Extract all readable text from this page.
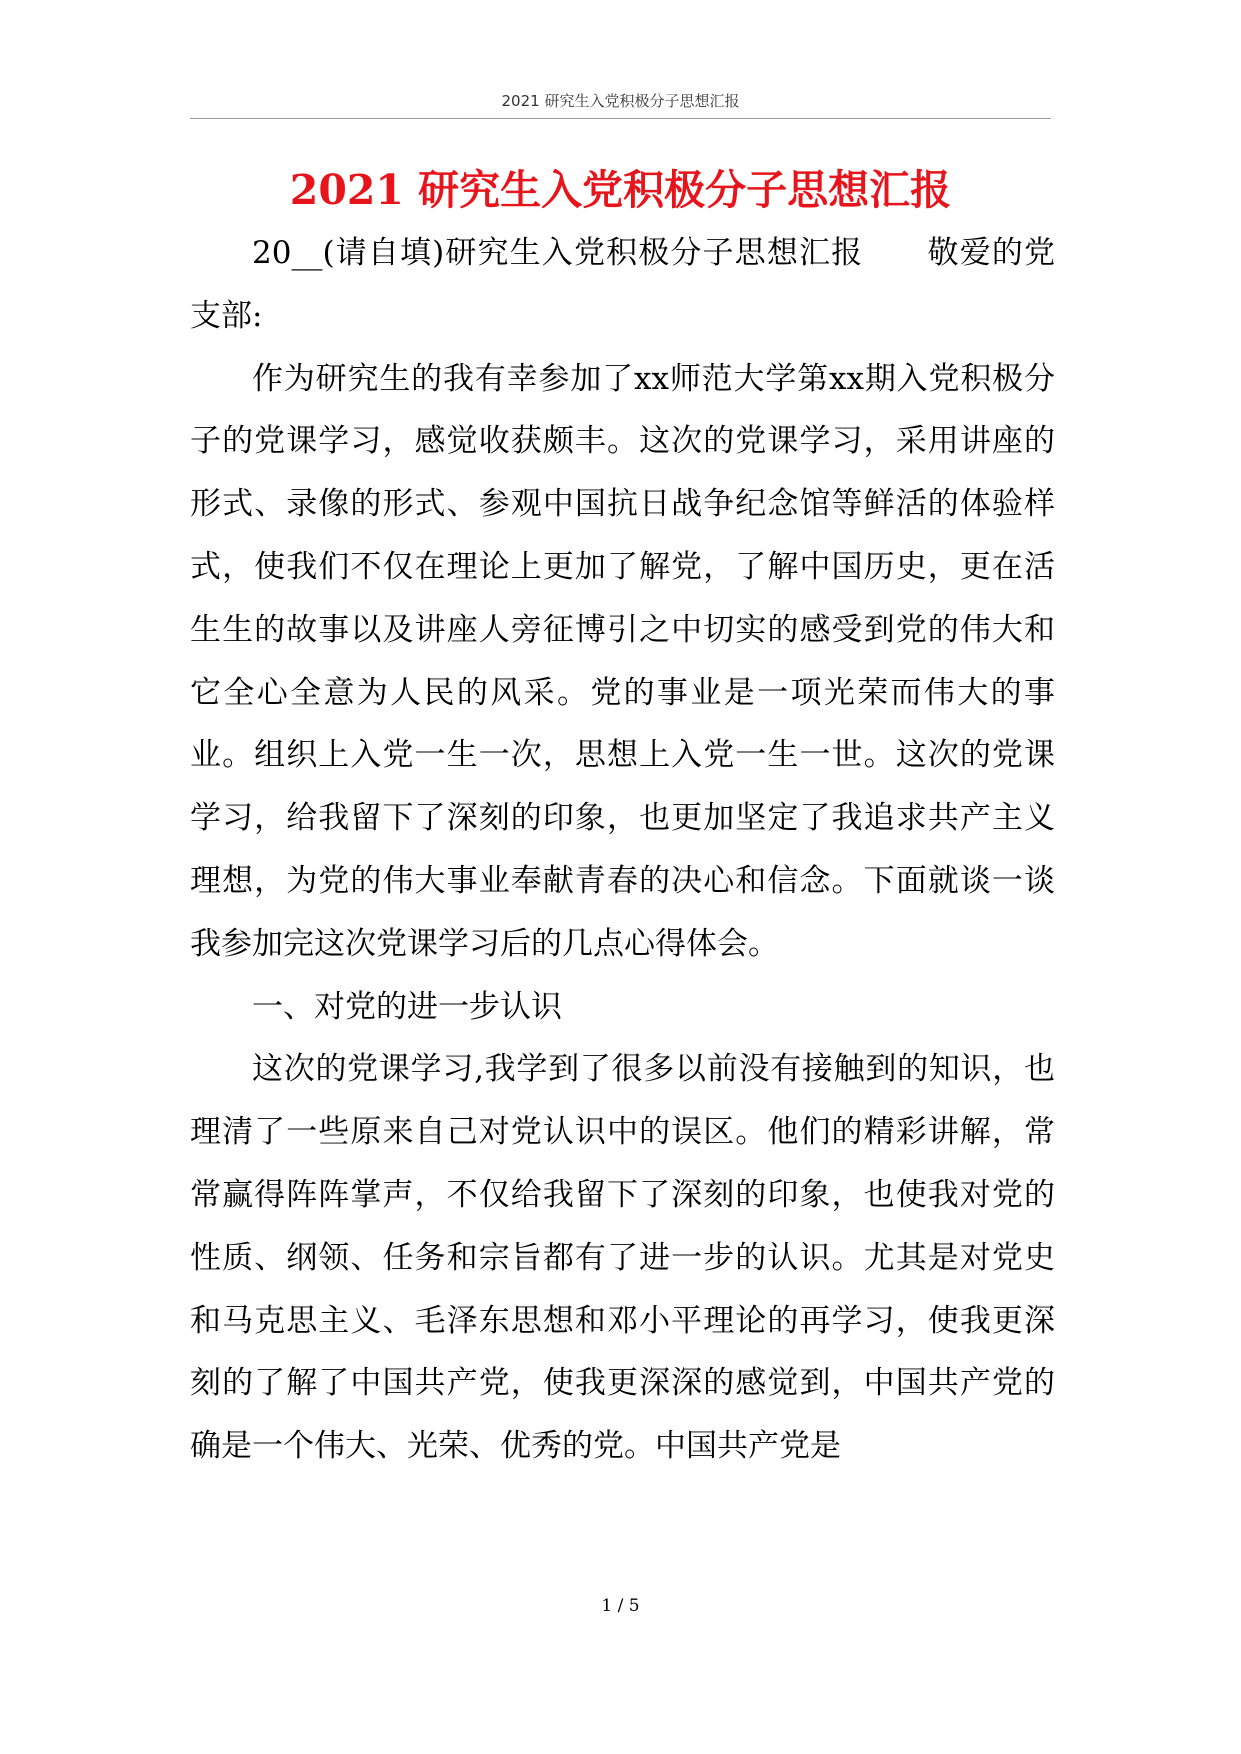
2021 研究生入党积极分子思想汇报
2021 研究生入党积极分子思想汇报

20__(请自填)研究生入党积极分子思想汇报　　敬爱的党支部:

作为研究生的我有幸参加了xx师范大学第xx期入党积极分子的党课学习，感觉收获颇丰。这次的党课学习，采用讲座的形式、录像的形式、参观中国抗日战争纪念馆等鲜活的体验样式，使我们不仅在理论上更加了解党，了解中国历史，更在活生生的故事以及讲座人旁征博引之中切实的感受到党的伟大和它全心全意为人民的风采。党的事业是一项光荣而伟大的事业。组织上入党一生一次，思想上入党一生一世。这次的党课学习，给我留下了深刻的印象，也更加坚定了我追求共产主义理想，为党的伟大事业奉献青春的决心和信念。下面就谈一谈我参加完这次党课学习后的几点心得体会。

一、对党的进一步认识

这次的党课学习,我学到了很多以前没有接触到的知识，也理清了一些原来自己对党认识中的误区。他们的精彩讲解，常常赢得阵阵掌声，不仅给我留下了深刻的印象，也使我对党的性质、纲领、任务和宗旨都有了进一步的认识。尤其是对党史和马克思主义、毛泽东思想和邓小平理论的再学习，使我更深刻的了解了中国共产党，使我更深深的感觉到，中国共产党的确是一个伟大、光荣、优秀的党。中国共产党是

1 / 5
